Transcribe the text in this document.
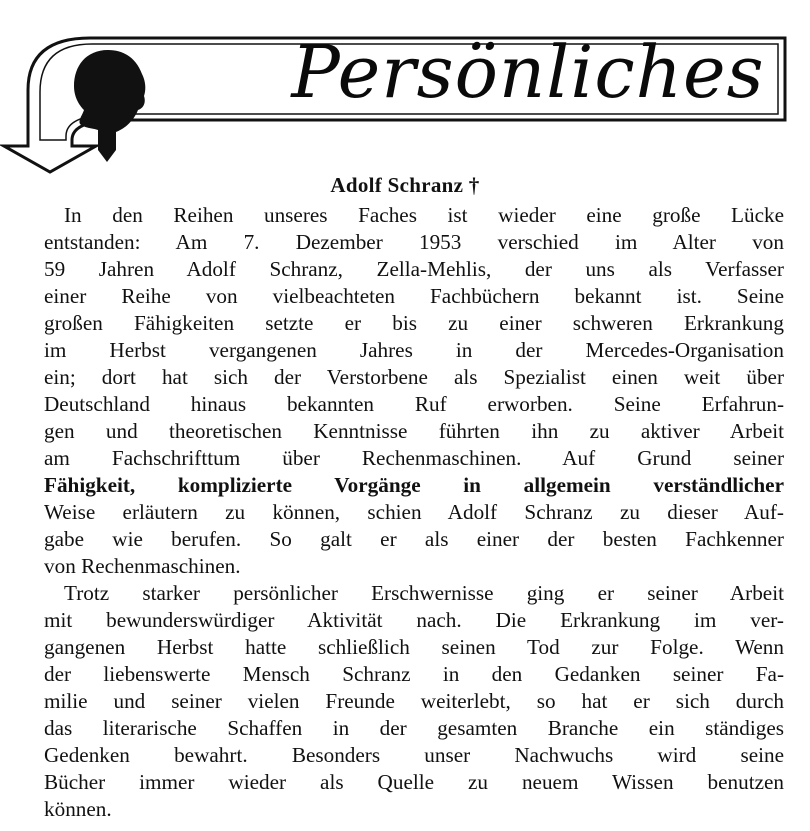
Persönliches
Adolf Schranz †

In den Reihen unseres Faches ist wieder eine große Lücke
entstanden: Am 7. Dezember 1953 verschied im Alter von
59 Jahren Adolf Schranz, Zella-Mehlis, der uns als Verfasser
einer Reihe von vielbeachteten Fachbüchern bekannt ist. Seine
großen Fähigkeiten setzte er bis zu einer schweren Erkrankung
im Herbst vergangenen Jahres in der Mercedes-Organisation
ein; dort hat sich der Verstorbene als Spezialist einen weit über
Deutschland hinaus bekannten Ruf erworben. Seine Erfahrun-
gen und theoretischen Kenntnisse führten ihn zu aktiver Arbeit
am Fachschrifttum über Rechenmaschinen. Auf Grund seiner
Fähigkeit, komplizierte Vorgänge in allgemein verständlicher
Weise erläutern zu können, schien Adolf Schranz zu dieser Auf-
gabe wie berufen. So galt er als einer der besten Fachkenner
von Rechenmaschinen.

Trotz starker persönlicher Erschwernisse ging er seiner Arbeit
mit bewunderswürdiger Aktivität nach. Die Erkrankung im ver-
gangenen Herbst hatte schließlich seinen Tod zur Folge. Wenn
der liebenswerte Mensch Schranz in den Gedanken seiner Fa-
milie und seiner vielen Freunde weiterlebt, so hat er sich durch
das literarische Schaffen in der gesamten Branche ein ständiges
Gedenken bewahrt. Besonders unser Nachwuchs wird seine
Bücher immer wieder als Quelle zu neuem Wissen benutzen
können.
